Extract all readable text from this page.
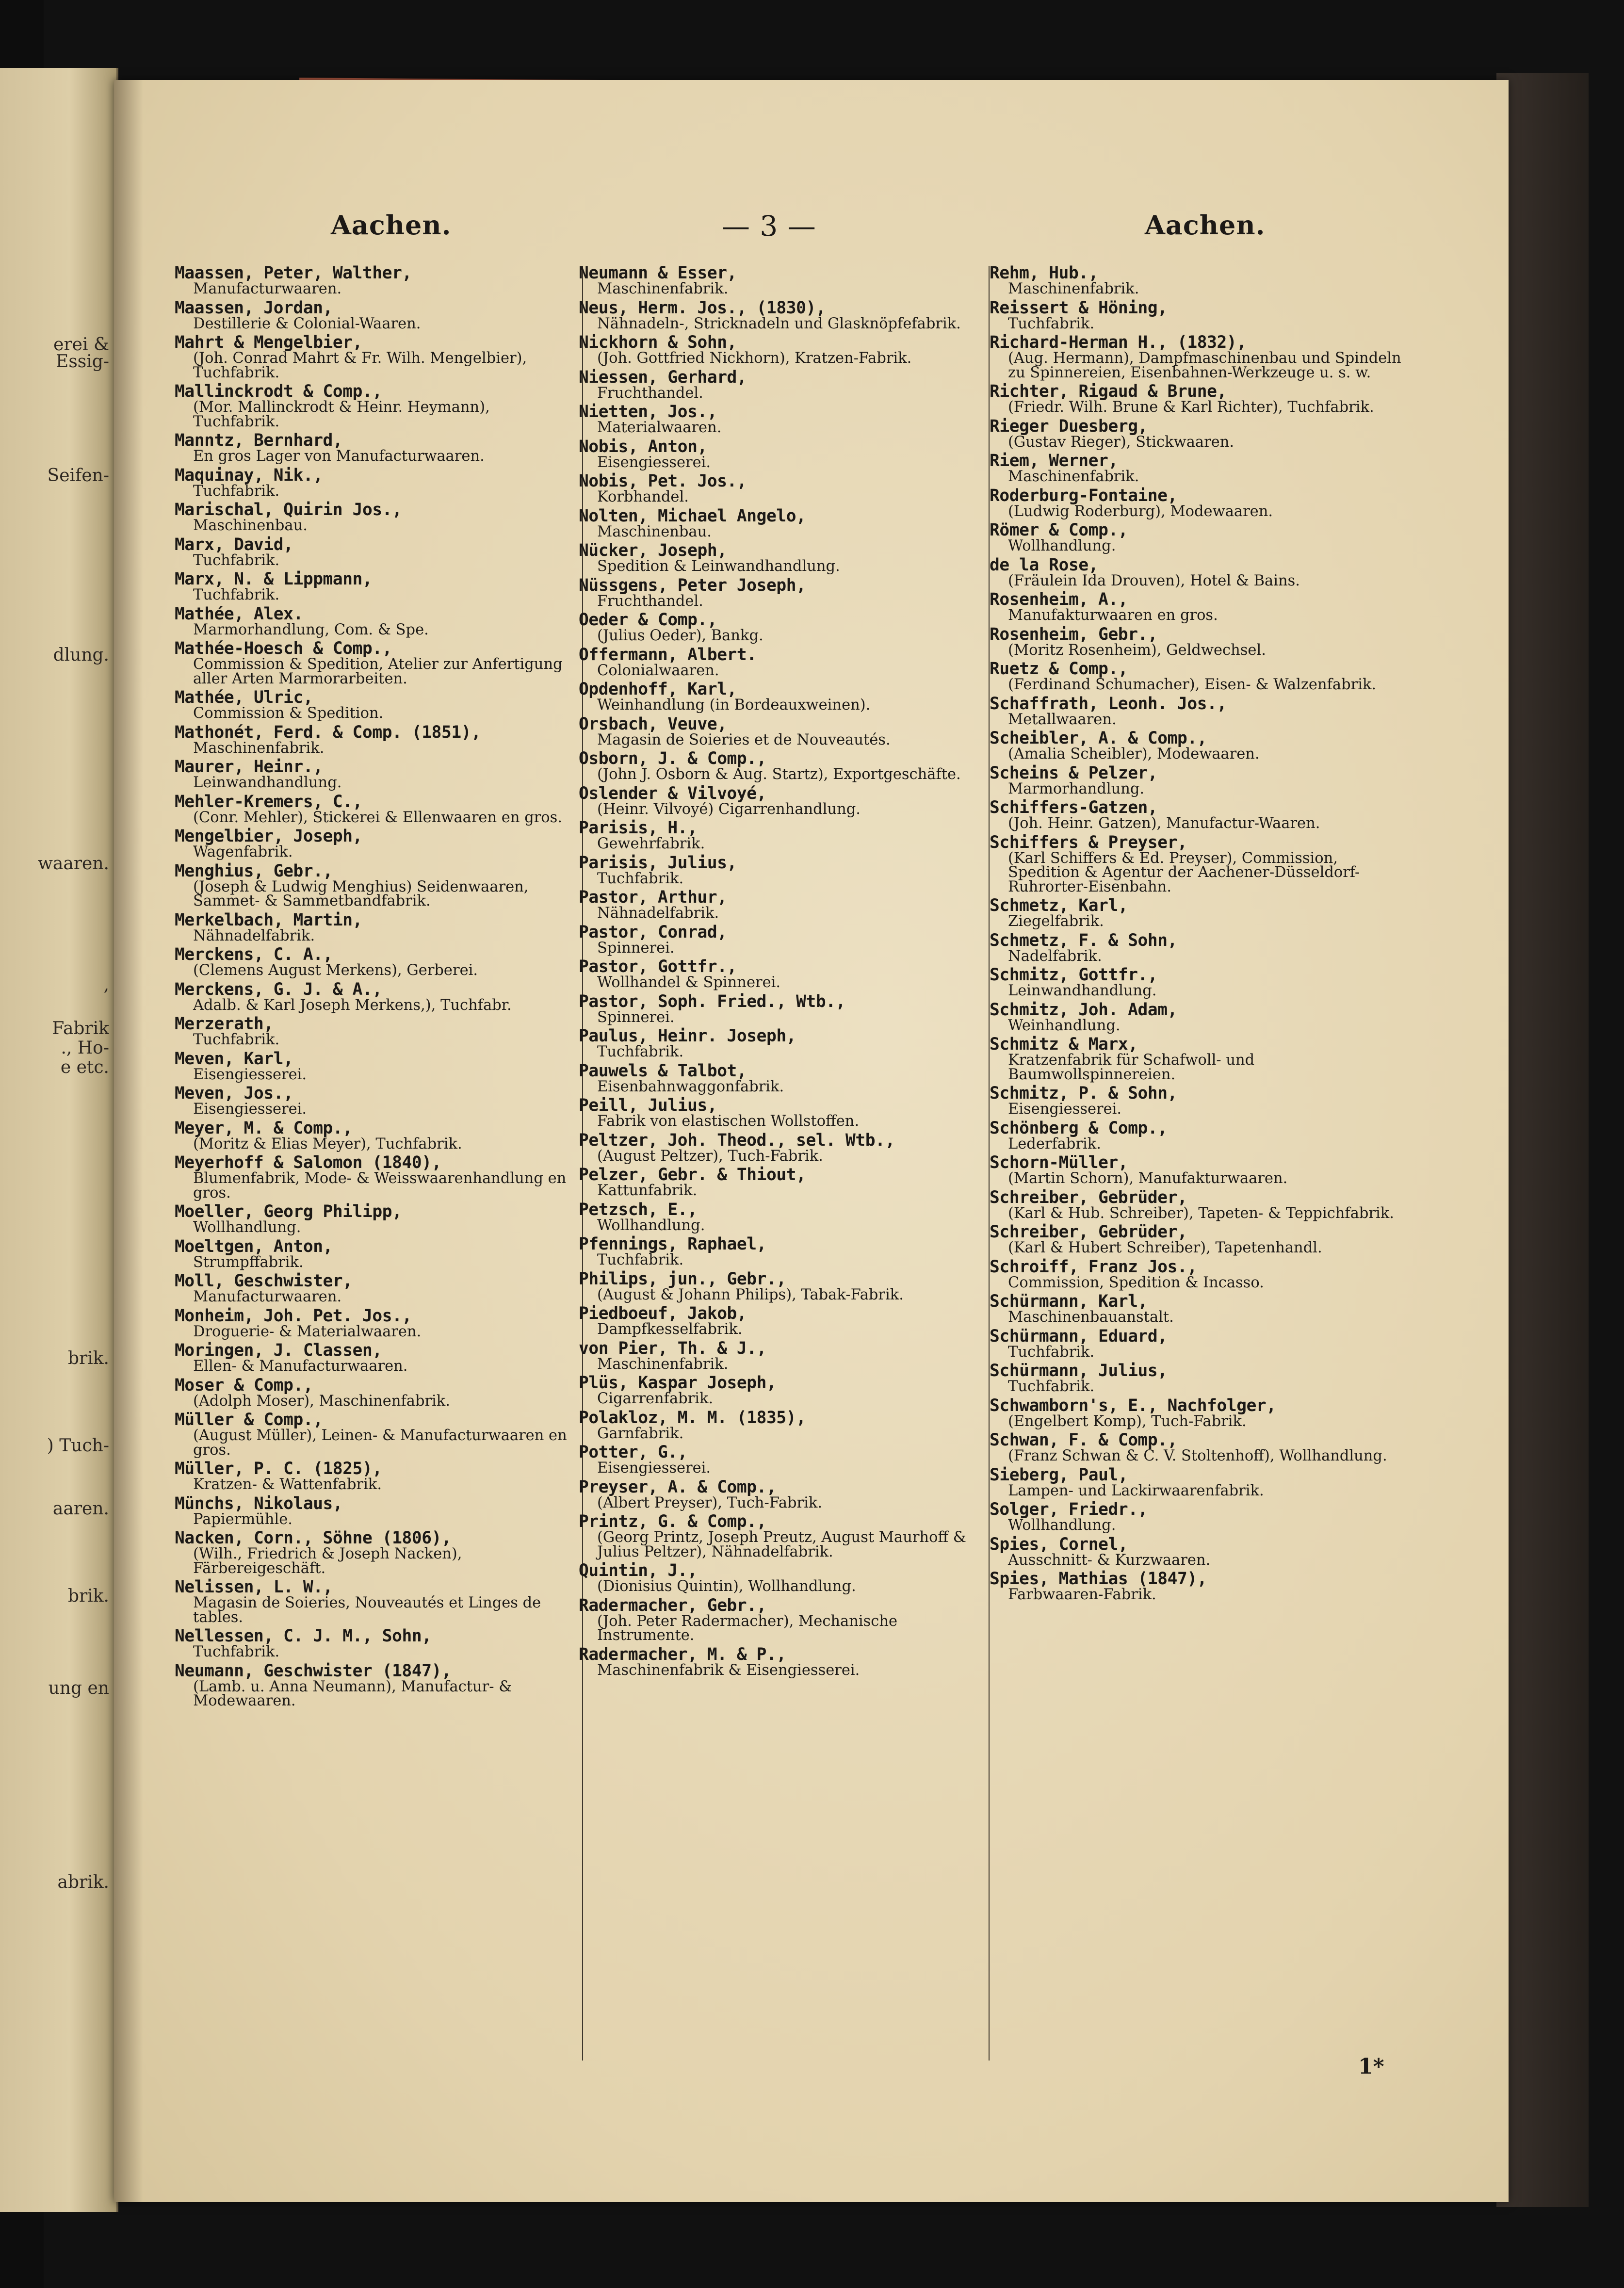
erei &
Essig-
Seifen-
dlung.
waaren.
,
Fabrik
., Ho-
e etc.
brik.
) Tuch-
aaren.
brik.
ung en
abrik.
Aachen.	— 3 —	Aachen.
Maassen, Peter, Walther,
Manufacturwaaren.
Maassen, Jordan,
Destillerie & Colonial-Waaren.
Mahrt & Mengelbier,
(Joh. Conrad Mahrt & Fr. Wilh. Mengelbier), Tuchfabrik.
Mallinckrodt & Comp.,
(Mor. Mallinckrodt & Heinr. Heymann), Tuchfabrik.
Manntz, Bernhard,
En gros Lager von Manufacturwaaren.
Maquinay, Nik.,
Tuchfabrik.
Marischal, Quirin Jos.,
Maschinenbau.
Marx, David,
Tuchfabrik.
Marx, N. & Lippmann,
Tuchfabrik.
Mathée, Alex.
Marmorhandlung, Com. & Spe.
Mathée-Hoesch & Comp.,
Commission & Spedition, Atelier zur Anfertigung aller Arten Marmorarbeiten.
Mathée, Ulric,
Commission & Spedition.
Mathonét, Ferd. & Comp. (1851),
Maschinenfabrik.
Maurer, Heinr.,
Leinwandhandlung.
Mehler-Kremers, C.,
(Conr. Mehler), Stickerei & Ellenwaaren en gros.
Mengelbier, Joseph,
Wagenfabrik.
Menghius, Gebr.,
(Joseph & Ludwig Menghius) Seidenwaaren, Sammet- & Sammetbandfabrik.
Merkelbach, Martin,
Nähnadelfabrik.
Merckens, C. A.,
(Clemens August Merkens), Gerberei.
Merckens, G. J. & A.,
Adalb. & Karl Joseph Merkens,), Tuchfabr.
Merzerath,
Tuchfabrik.
Meven, Karl,
Eisengiesserei.
Meven, Jos.,
Eisengiesserei.
Meyer, M. & Comp.,
(Moritz & Elias Meyer), Tuchfabrik.
Meyerhoff & Salomon (1840),
Blumenfabrik, Mode- & Weisswaarenhandlung en gros.
Moeller, Georg Philipp,
Wollhandlung.
Moeltgen, Anton,
Strumpffabrik.
Moll, Geschwister,
Manufacturwaaren.
Monheim, Joh. Pet. Jos.,
Droguerie- & Materialwaaren.
Moringen, J. Classen,
Ellen- & Manufacturwaaren.
Moser & Comp.,
(Adolph Moser), Maschinenfabrik.
Müller & Comp.,
(August Müller), Leinen- & Manufacturwaaren en gros.
Müller, P. C. (1825),
Kratzen- & Wattenfabrik.
Münchs, Nikolaus,
Papiermühle.
Nacken, Corn., Söhne (1806),
(Wilh., Friedrich & Joseph Nacken), Färbereigeschäft.
Nelissen, L. W.,
Magasin de Soieries, Nouveautés et Linges de tables.
Nellessen, C. J. M., Sohn,
Tuchfabrik.
Neumann, Geschwister (1847),
(Lamb. u. Anna Neumann), Manufactur- & Modewaaren.
Neumann & Esser,
Maschinenfabrik.
Neus, Herm. Jos., (1830),
Nähnadeln-, Stricknadeln und Glasknöpfefabrik.
Nickhorn & Sohn,
(Joh. Gottfried Nickhorn), Kratzen-Fabrik.
Niessen, Gerhard,
Fruchthandel.
Nietten, Jos.,
Materialwaaren.
Nobis, Anton,
Eisengiesserei.
Nobis, Pet. Jos.,
Korbhandel.
Nolten, Michael Angelo,
Maschinenbau.
Nücker, Joseph,
Spedition & Leinwandhandlung.
Nüssgens, Peter Joseph,
Fruchthandel.
Oeder & Comp.,
(Julius Oeder), Bankg.
Offermann, Albert.
Colonialwaaren.
Opdenhoff, Karl,
Weinhandlung (in Bordeauxweinen).
Orsbach, Veuve,
Magasin de Soieries et de Nouveautés.
Osborn, J. & Comp.,
(John J. Osborn & Aug. Startz), Exportgeschäfte.
Oslender & Vilvoyé,
(Heinr. Vilvoyé) Cigarrenhandlung.
Parisis, H.,
Gewehrfabrik.
Parisis, Julius,
Tuchfabrik.
Pastor, Arthur,
Nähnadelfabrik.
Pastor, Conrad,
Spinnerei.
Pastor, Gottfr.,
Wollhandel & Spinnerei.
Pastor, Soph. Fried., Wtb.,
Spinnerei.
Paulus, Heinr. Joseph,
Tuchfabrik.
Pauwels & Talbot,
Eisenbahnwaggonfabrik.
Peill, Julius,
Fabrik von elastischen Wollstoffen.
Peltzer, Joh. Theod., sel. Wtb.,
(August Peltzer), Tuch-Fabrik.
Pelzer, Gebr. & Thiout,
Kattunfabrik.
Petzsch, E.,
Wollhandlung.
Pfennings, Raphael,
Tuchfabrik.
Philips, jun., Gebr.,
(August & Johann Philips), Tabak-Fabrik.
Piedboeuf, Jakob,
Dampfkesselfabrik.
von Pier, Th. & J.,
Maschinenfabrik.
Plüs, Kaspar Joseph,
Cigarrenfabrik.
Polakloz, M. M. (1835),
Garnfabrik.
Potter, G.,
Eisengiesserei.
Preyser, A. & Comp.,
(Albert Preyser), Tuch-Fabrik.
Printz, G. & Comp.,
(Georg Printz, Joseph Preutz, August Maurhoff & Julius Peltzer), Nähnadelfabrik.
Quintin, J.,
(Dionisius Quintin), Wollhandlung.
Radermacher, Gebr.,
(Joh. Peter Radermacher), Mechanische Instrumente.
Radermacher, M. & P.,
Maschinenfabrik & Eisengiesserei.
Rehm, Hub.,
Maschinenfabrik.
Reissert & Höning,
Tuchfabrik.
Richard-Herman H., (1832),
(Aug. Hermann), Dampfmaschinenbau und Spindeln zu Spinnereien, Eisenbahnen-Werkzeuge u. s. w.
Richter, Rigaud & Brune,
(Friedr. Wilh. Brune & Karl Richter), Tuchfabrik.
Rieger Duesberg,
(Gustav Rieger), Stickwaaren.
Riem, Werner,
Maschinenfabrik.
Roderburg-Fontaine,
(Ludwig Roderburg), Modewaaren.
Römer & Comp.,
Wollhandlung.
de la Rose,
(Fräulein Ida Drouven), Hotel & Bains.
Rosenheim, A.,
Manufakturwaaren en gros.
Rosenheim, Gebr.,
(Moritz Rosenheim), Geldwechsel.
Ruetz & Comp.,
(Ferdinand Schumacher), Eisen- & Walzenfabrik.
Schaffrath, Leonh. Jos.,
Metallwaaren.
Scheibler, A. & Comp.,
(Amalia Scheibler), Modewaaren.
Scheins & Pelzer,
Marmorhandlung.
Schiffers-Gatzen,
(Joh. Heinr. Gatzen), Manufactur-Waaren.
Schiffers & Preyser,
(Karl Schiffers & Ed. Preyser), Commission, Spedition & Agentur der Aachener-Düsseldorf-Ruhrorter-Eisenbahn.
Schmetz, Karl,
Ziegelfabrik.
Schmetz, F. & Sohn,
Nadelfabrik.
Schmitz, Gottfr.,
Leinwandhandlung.
Schmitz, Joh. Adam,
Weinhandlung.
Schmitz & Marx,
Kratzenfabrik für Schafwoll- und Baumwollspinnereien.
Schmitz, P. & Sohn,
Eisengiesserei.
Schönberg & Comp.,
Lederfabrik.
Schorn-Müller,
(Martin Schorn), Manufakturwaaren.
Schreiber, Gebrüder,
(Karl & Hub. Schreiber), Tapeten- & Teppichfabrik.
Schreiber, Gebrüder,
(Karl & Hubert Schreiber), Tapetenhandl.
Schroiff, Franz Jos.,
Commission, Spedition & Incasso.
Schürmann, Karl,
Maschinenbauanstalt.
Schürmann, Eduard,
Tuchfabrik.
Schürmann, Julius,
Tuchfabrik.
Schwamborn's, E., Nachfolger,
(Engelbert Komp), Tuch-Fabrik.
Schwan, F. & Comp.,
(Franz Schwan & C. V. Stoltenhoff), Wollhandlung.
Sieberg, Paul,
Lampen- und Lackirwaarenfabrik.
Solger, Friedr.,
Wollhandlung.
Spies, Cornel,
Ausschnitt- & Kurzwaaren.
Spies, Mathias (1847),
Farbwaaren-Fabrik.
1*
